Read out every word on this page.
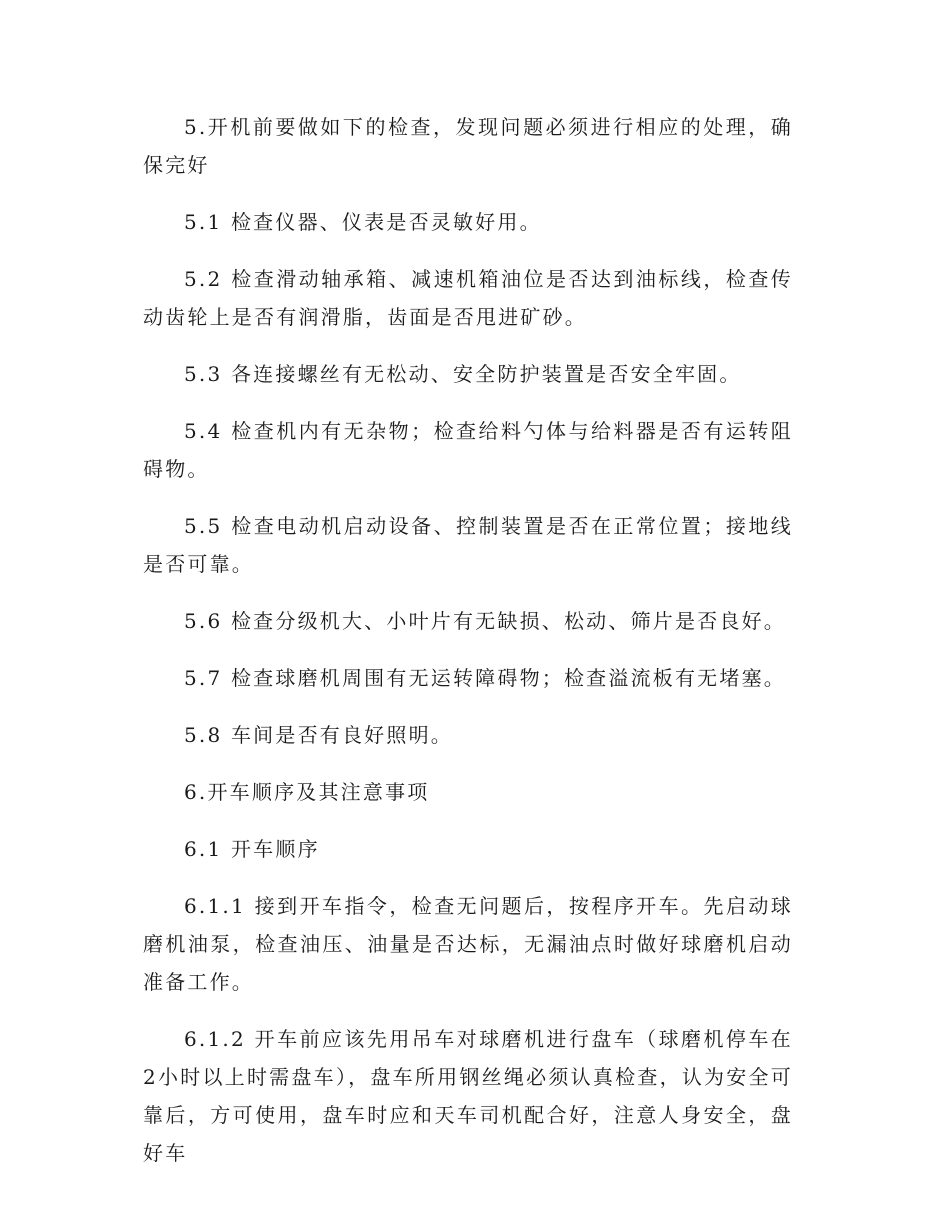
5.开机前要做如下的检查，发现问题必须进行相应的处理，确保完好

5.1 检查仪器、仪表是否灵敏好用。

5.2 检查滑动轴承箱、减速机箱油位是否达到油标线，检查传动齿轮上是否有润滑脂，齿面是否甩进矿砂。

5.3 各连接螺丝有无松动、安全防护装置是否安全牢固。

5.4 检查机内有无杂物；检查给料勺体与给料器是否有运转阻碍物。

5.5 检查电动机启动设备、控制装置是否在正常位置；接地线是否可靠。

5.6 检查分级机大、小叶片有无缺损、松动、筛片是否良好。

5.7 检查球磨机周围有无运转障碍物；检查溢流板有无堵塞。

5.8 车间是否有良好照明。

6.开车顺序及其注意事项

6.1 开车顺序

6.1.1 接到开车指令，检查无问题后，按程序开车。先启动球磨机油泵，检查油压、油量是否达标，无漏油点时做好球磨机启动准备工作。

6.1.2 开车前应该先用吊车对球磨机进行盘车（球磨机停车在2小时以上时需盘车），盘车所用钢丝绳必须认真检查，认为安全可靠后，方可使用，盘车时应和天车司机配合好，注意人身安全，盘好车
